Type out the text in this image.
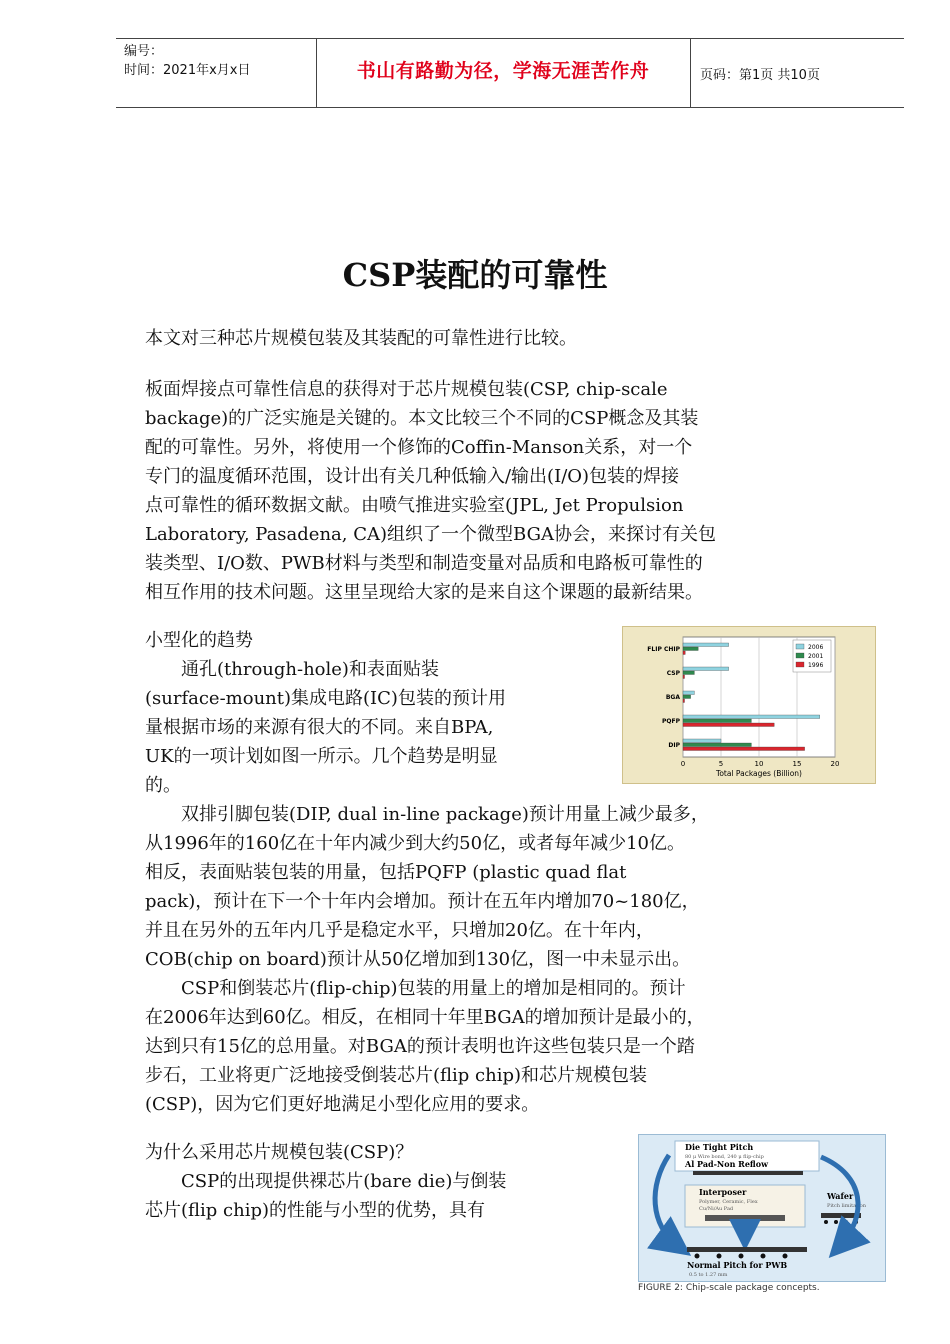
编号：
时间：2021年x月x日	书山有路勤为径，学海无涯苦作舟	页码：第1页 共10页
CSP装配的可靠性
本文对三种芯片规模包装及其装配的可靠性进行比较。
板面焊接点可靠性信息的获得对于芯片规模包装(CSP, chip-scale
backage)的广泛实施是关键的。本文比较三个不同的CSP概念及其装
配的可靠性。另外，将使用一个修饰的Coffin-Manson关系，对一个
专门的温度循环范围，设计出有关几种低输入/输出(I/O)包装的焊接
点可靠性的循环数据文献。由喷气推进实验室(JPL, Jet Propulsion
Laboratory, Pasadena, CA)组织了一个微型BGA协会，来探讨有关包
装类型、I/O数、PWB材料与类型和制造变量对品质和电路板可靠性的
相互作用的技术问题。这里呈现给大家的是来自这个课题的最新结果。
小型化的趋势
　　通孔(through-hole)和表面贴装
(surface-mount)集成电路(IC)包装的预计用
量根据市场的来源有很大的不同。来自BPA,
UK的一项计划如图一所示。几个趋势是明显
的。
0	5	10	15	20
FLIP CHIP
CSP
BGA
PQFP
DIP
Total Packages (Billion)
2006
2001
1996
　　双排引脚包装(DIP, dual in-line package)预计用量上减少最多，
从1996年的160亿在十年内减少到大约50亿，或者每年减少10亿。
相反，表面贴装包装的用量，包括PQFP (plastic quad flat
pack)，预计在下一个十年内会增加。预计在五年内增加70~180亿，
并且在另外的五年内几乎是稳定水平，只增加20亿。在十年内，
COB(chip on board)预计从50亿增加到130亿，图一中未显示出。
　　CSP和倒装芯片(flip-chip)包装的用量上的增加是相同的。预计
在2006年达到60亿。相反，在相同十年里BGA的增加预计是最小的，
达到只有15亿的总用量。对BGA的预计表明也许这些包装只是一个踏
步石，工业将更广泛地接受倒装芯片(flip chip)和芯片规模包装
(CSP)，因为它们更好地满足小型化应用的要求。
为什么采用芯片规模包装(CSP)？
　　CSP的出现提供裸芯片(bare die)与倒装
芯片(flip chip)的性能与小型的优势，具有
Die Tight Pitch
80 μ Wire bond, 240 μ flip-chip
Al Pad-Non Reflow
Interposer
Polymer, Ceramic, Flex
Cu/Ni/Au Pad
Wafer
Pitch limitation
Normal Pitch for PWB
0.5 to 1.27 mm
FIGURE 2: Chip-scale package concepts.
